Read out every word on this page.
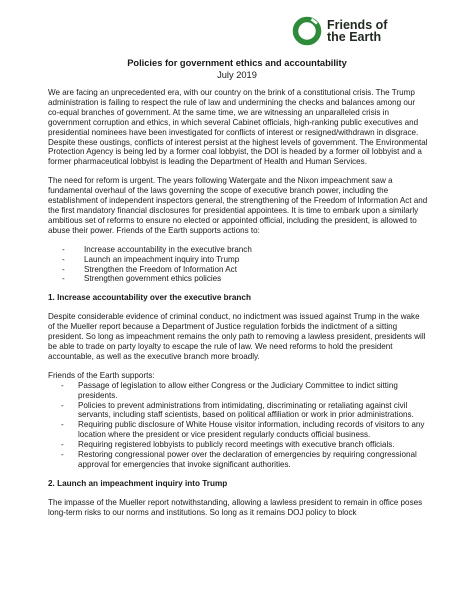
Friends of
the Earth
Policies for government ethics and accountability
July 2019

We are facing an unprecedented era, with our country on the brink of a constitutional crisis. The Trump administration is failing to respect the rule of law and undermining the checks and balances among our co-equal branches of government. At the same time, we are witnessing an unparalleled crisis in government corruption and ethics, in which several Cabinet officials, high-ranking public executives and presidential nominees have been investigated for conflicts of interest or resigned/withdrawn in disgrace. Despite these oustings, conflicts of interest persist at the highest levels of government. The Environmental Protection Agency is being led by a former coal lobbyist, the DOI is headed by a former oil lobbyist and a former pharmaceutical lobbyist is leading the Department of Health and Human Services.

The need for reform is urgent. The years following Watergate and the Nixon impeachment saw a fundamental overhaul of the laws governing the scope of executive branch power, including the establishment of independent inspectors general, the strengthening of the Freedom of Information Act and the first mandatory financial disclosures for presidential appointees. It is time to embark upon a similarly ambitious set of reforms to ensure no elected or appointed official, including the president, is allowed to abuse their power. Friends of the Earth supports actions to:

- Increase accountability in the executive branch
- Launch an impeachment inquiry into Trump
- Strengthen the Freedom of Information Act
- Strengthen government ethics policies
1. Increase accountability over the executive branch

Despite considerable evidence of criminal conduct, no indictment was issued against Trump in the wake of the Mueller report because a Department of Justice regulation forbids the indictment of a sitting president. So long as impeachment remains the only path to removing a lawless president, presidents will be able to trade on party loyalty to escape the rule of law. We need reforms to hold the president accountable, as well as the executive branch more broadly.

Friends of the Earth supports:

- Passage of legislation to allow either Congress or the Judiciary Committee to indict sitting presidents.
- Policies to prevent administrations from intimidating, discriminating or retaliating against civil servants, including staff scientists, based on political affiliation or work in prior administrations.
- Requiring public disclosure of White House visitor information, including records of visitors to any location where the president or vice president regularly conducts official business.
- Requiring registered lobbyists to publicly record meetings with executive branch officials.
- Restoring congressional power over the declaration of emergencies by requiring congressional approval for emergencies that invoke significant authorities.
2. Launch an impeachment inquiry into Trump

The impasse of the Mueller report notwithstanding, allowing a lawless president to remain in office poses long-term risks to our norms and institutions. So long as it remains DOJ policy to block
